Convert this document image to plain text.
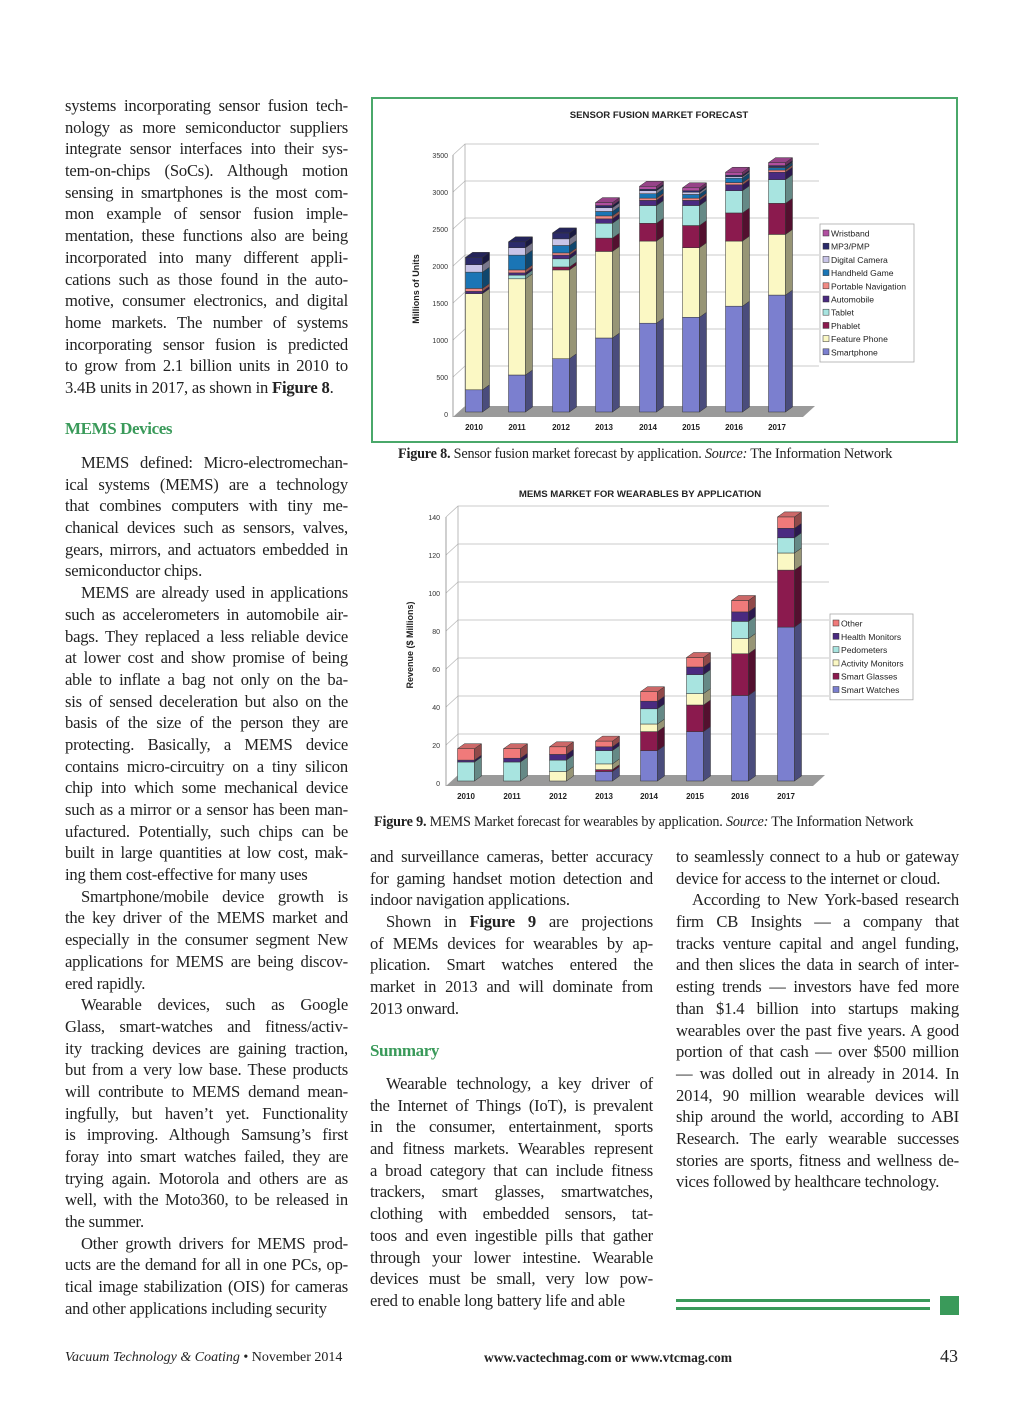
systems incorporating sensor fusion tech-
nology as more semiconductor suppliers
integrate sensor interfaces into their sys-
tem-on-chips (SoCs). Although motion
sensing in smartphones is the most com-
mon example of sensor fusion imple-
mentation, these functions also are being
incorporated into many different appli-
cations such as those found in the auto-
motive, consumer electronics, and digital
home markets. The number of systems
incorporating sensor fusion is predicted
to grow from 2.1 billion units in 2010 to
3.4B units in 2017, as shown in Figure 8.
MEMS Devices
MEMS defined: Micro-electromechan-
ical systems (MEMS) are a technology
that combines computers with tiny me-
chanical devices such as sensors, valves,
gears, mirrors, and actuators embedded in
semiconductor chips.
MEMS are already used in applications
such as accelerometers in automobile air-
bags. They replaced a less reliable device
at lower cost and show promise of being
able to inflate a bag not only on the ba-
sis of sensed deceleration but also on the
basis of the size of the person they are
protecting. Basically, a MEMS device
contains micro-circuitry on a tiny silicon
chip into which some mechanical device
such as a mirror or a sensor has been man-
ufactured. Potentially, such chips can be
built in large quantities at low cost, mak-
ing them cost-effective for many uses
Smartphone/mobile device growth is
the key driver of the MEMS market and
especially in the consumer segment New
applications for MEMS are being discov-
ered rapidly.
Wearable devices, such as Google
Glass, smart-watches and fitness/activ-
ity tracking devices are gaining traction,
but from a very low base. These products
will contribute to MEMS demand mean-
ingfully, but haven’t yet. Functionality
is improving. Although Samsung’s first
foray into smart watches failed, they are
trying again. Motorola and others are as
well, with the Moto360, to be released in
the summer.
Other growth drivers for MEMS prod-
ucts are the demand for all in one PCs, op-
tical image stabilization (OIS) for cameras
and other applications including security
and surveillance cameras, better accuracy
for gaming handset motion detection and
indoor navigation applications.
Shown in Figure 9 are projections
of MEMs devices for wearables by ap-
plication. Smart watches entered the
market in 2013 and will dominate from
2013 onward.
Summary
Wearable technology, a key driver of
the Internet of Things (IoT), is prevalent
in the consumer, entertainment, sports
and fitness markets. Wearables represent
a broad category that can include fitness
trackers, smart glasses, smartwatches,
clothing with embedded sensors, tat-
toos and even ingestible pills that gather
through your lower intestine. Wearable
devices must be small, very low pow-
ered to enable long battery life and able
to seamlessly connect to a hub or gateway
device for access to the internet or cloud.
According to New York-based research
firm CB Insights — a company that
tracks venture capital and angel funding,
and then slices the data in search of inter-
esting trends — investors have fed more
than $1.4 billion into startups making
wearables over the past five years. A good
portion of that cash — over $500 million
— was dolled out in already in 2014. In
2014, 90 million wearable devices will
ship around the world, according to ABI
Research. The early wearable successes
stories are sports, fitness and wellness de-
vices followed by healthcare technology.
SENSOR FUSION MARKET FORECAST
Millions of Units
0
500
1000
1500
2000
2500
3000
3500
2010	2011	2012	2013	2014	2015	2016	2017
Wristband
MP3/PMP
Digital Camera
Handheld Game
Portable Navigation
Automobile
Tablet
Phablet
Feature Phone
Smartphone
Figure 8. Sensor fusion market forecast by application. Source: The Information Network
MEMS MARKET FOR WEARABLES BY APPLICATION
Revenue ($ Millions)
0
20
40
60
80
100
120
140
2010	2011	2012	2013	2014	2015	2016	2017
Other
Health Monitors
Pedometers
Activity Monitors
Smart Glasses
Smart Watches
Figure 9. MEMS Market forecast for wearables by application. Source: The Information Network
Vacuum Technology & Coating • November 2014	www.vactechmag.com or www.vtcmag.com	43
